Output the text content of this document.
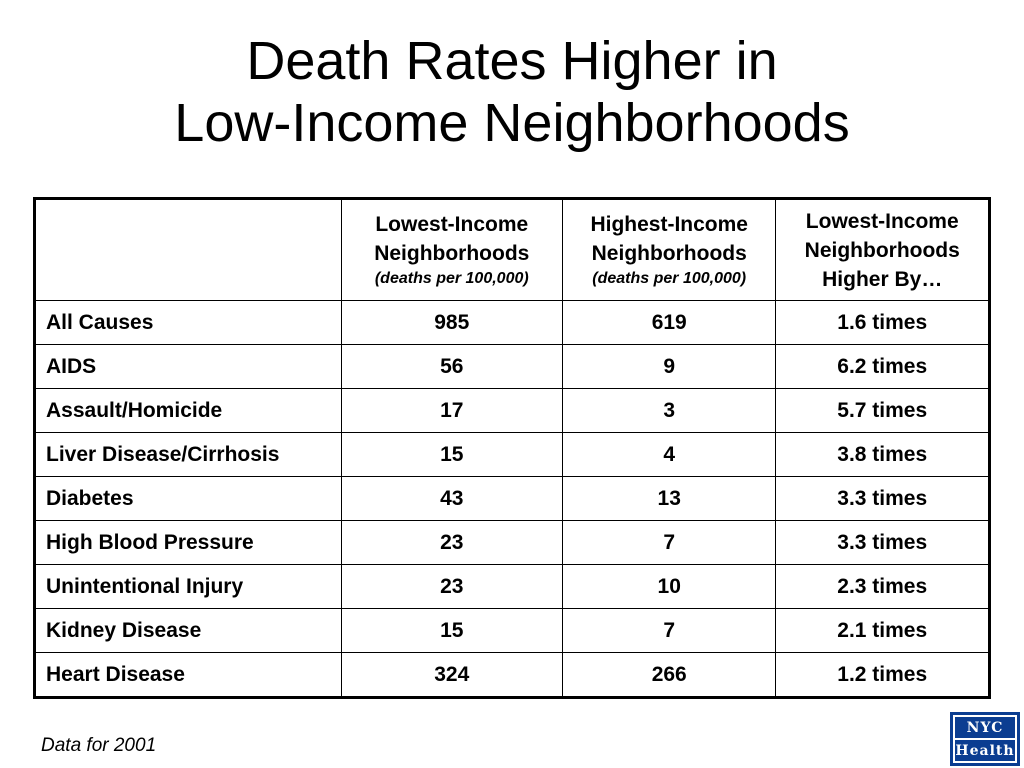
Death Rates Higher in
Low-Income Neighborhoods

	Lowest-Income
Neighborhoods
(deaths per 100,000)	Highest-Income
Neighborhoods
(deaths per 100,000)	Lowest-Income
Neighborhoods
Higher By…

All Causes	985	619	1.6 times
AIDS	56	9	6.2 times
Assault/Homicide	17	3	5.7 times
Liver Disease/Cirrhosis	15	4	3.8 times
Diabetes	43	13	3.3 times
High Blood Pressure	23	7	3.3 times
Unintentional Injury	23	10	2.3 times
Kidney Disease	15	7	2.1 times
Heart Disease	324	266	1.2 times
Data for 2001
NYC
Health
